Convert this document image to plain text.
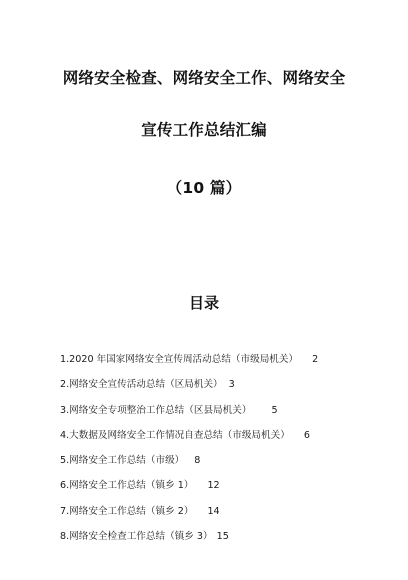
网络安全检查、网络安全工作、网络安全
宣传工作总结汇编
（10 篇）
目录
1.2020 年国家网络安全宣传周活动总结（市级局机关） 2
2.网络安全宣传活动总结（区局机关） 3
3.网络安全专项整治工作总结（区县局机关） 5
4.大数据及网络安全工作情况自查总结（市级局机关） 6
5.网络安全工作总结（市级） 8
6.网络安全工作总结（镇乡 1） 12
7.网络安全工作总结（镇乡 2） 14
8.网络安全检查工作总结（镇乡 3） 15
